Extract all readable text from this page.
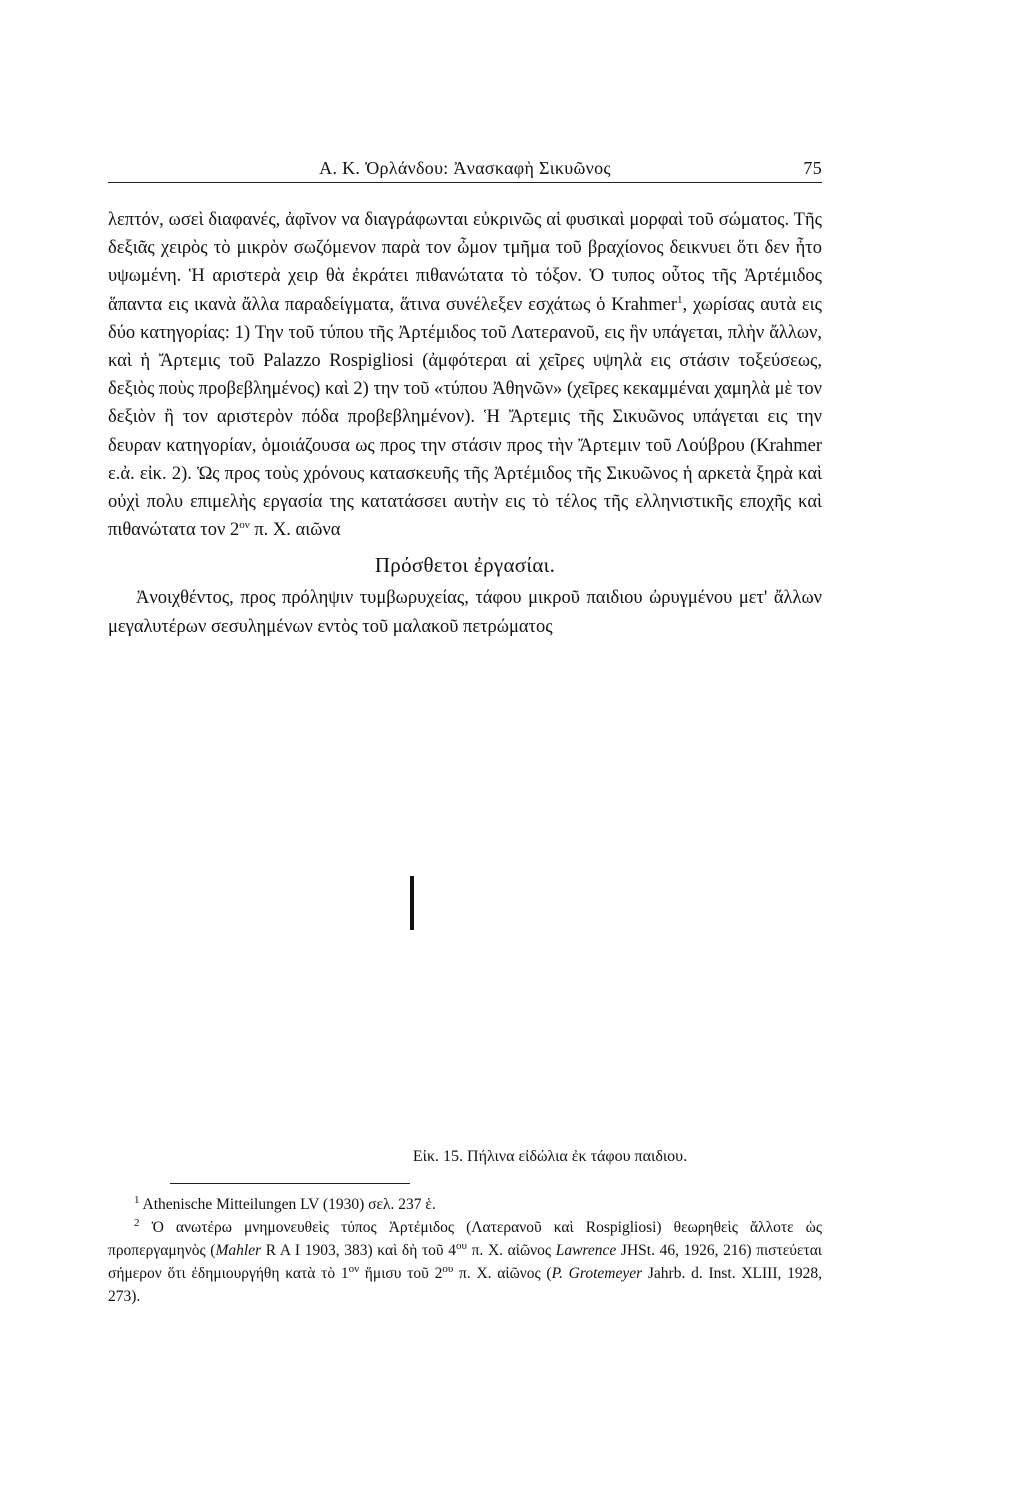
Α. Κ. Ὀρλάνδου: Ἀνασκαφὴ Σικυῶνος	75

λεπτόν, ωσεὶ διαφανές, ἀφῖνον να διαγράφωνται εὐκρινῶς αἱ φυσικαὶ μορφαὶ τοῦ σώματος. Τῆς δεξιᾶς χειρὸς τὸ μικρὸν σωζόμενον παρὰ τον ὦμον τμῆμα τοῦ βραχίονος δεικνυει ὅτι δεν ἦτο υψωμένη. Ἡ αριστερὰ χειρ θὰ ἐκράτει πιθανώτατα τὸ τόξον. Ὁ τυπος οὗτος τῆς Ἀρτέμιδος ἅπαντα εις ικανὰ ἄλλα παραδείγματα, ἅτινα συνέλεξεν εσχάτως ὁ Krahmer$^1$, χωρίσας αυτὰ εις δύο κατηγορίας: 1) Την τοῦ τύπου τῆς Ἀρτέμιδος τοῦ Λατερανοῦ, εις ἣν υπάγεται, πλὴν ἄλλων, καὶ ἡ Ἄρτεμις τοῦ Palazzo Rospigliosi (ἀμφότεραι αἱ χεῖρες υψηλὰ εις στάσιν τοξεύσεως, δεξιὸς ποὺς προβεβλημένος) καὶ 2) την τοῦ «τύπου Ἀθηνῶν» (χεῖρες κεκαμμέναι χαμηλὰ μὲ τον δεξιὸν ἢ τον αριστερὸν πόδα προβεβλημένον). Ἡ Ἄρτεμις τῆς Σικυῶνος υπάγεται εις την δευραν κατηγορίαν, ὁμοιάζουσα ως προς την στάσιν προς τὴν Ἄρτεμιν τοῦ Λούβρου (Krahmer ε.ἀ. εἰκ. 2). Ὡς προς τοὺς χρόνους κατασκευῆς τῆς Ἀρτέμιδος τῆς Σικυῶνος ἡ αρκετὰ ξηρὰ καὶ οὐχὶ πολυ επιμελὴς εργασία της κατατάσσει αυτὴν εις τὸ τέλος τῆς ελληνιστικῆς εποχῆς καὶ πιθανώτατα τον $2^{o\nu}$ π. Χ. αιῶνα

Πρόσθετοι ἐργασίαι.

Ἀνοιχθέντος, προς πρόληψιν τυμβωρυχείας, τάφου μικροῦ παιδιου ὠρυγμένου μετ' ἄλλων μεγαλυτέρων σεσυλημένων εντὸς τοῦ μαλακοῦ πετρώματος

Εἰκ. 15. Πήλινα εἰδώλια ἐκ τάφου παιδιου.

$^1$ Athenische Mitteilungen LV (1930) σελ. 237 ἑ.

$^2$ Ὁ ανωτέρω μνημονευθεὶς τύπος Ἀρτέμιδος (Λατερανοῦ καὶ Rospigliosi) θεωρηθεὶς ἄλλοτε ὡς προπεργαμηνὸς (Mahler R A I 1903, 383) καὶ δὴ τοῦ $4^{o\upsilon}$ π. Χ. αἰῶνος Lawrence JHSt. 46, 1926, 216) πιστεύεται σήμερον ὅτι ἐδημιουργήθη κατὰ τὸ $1^{o\nu}$ ἥμισυ τοῦ $2^{o\upsilon}$ π. Χ. αἰῶνος (P. Grotemeyer Jahrb. d. Inst. XLIII, 1928, 273).
